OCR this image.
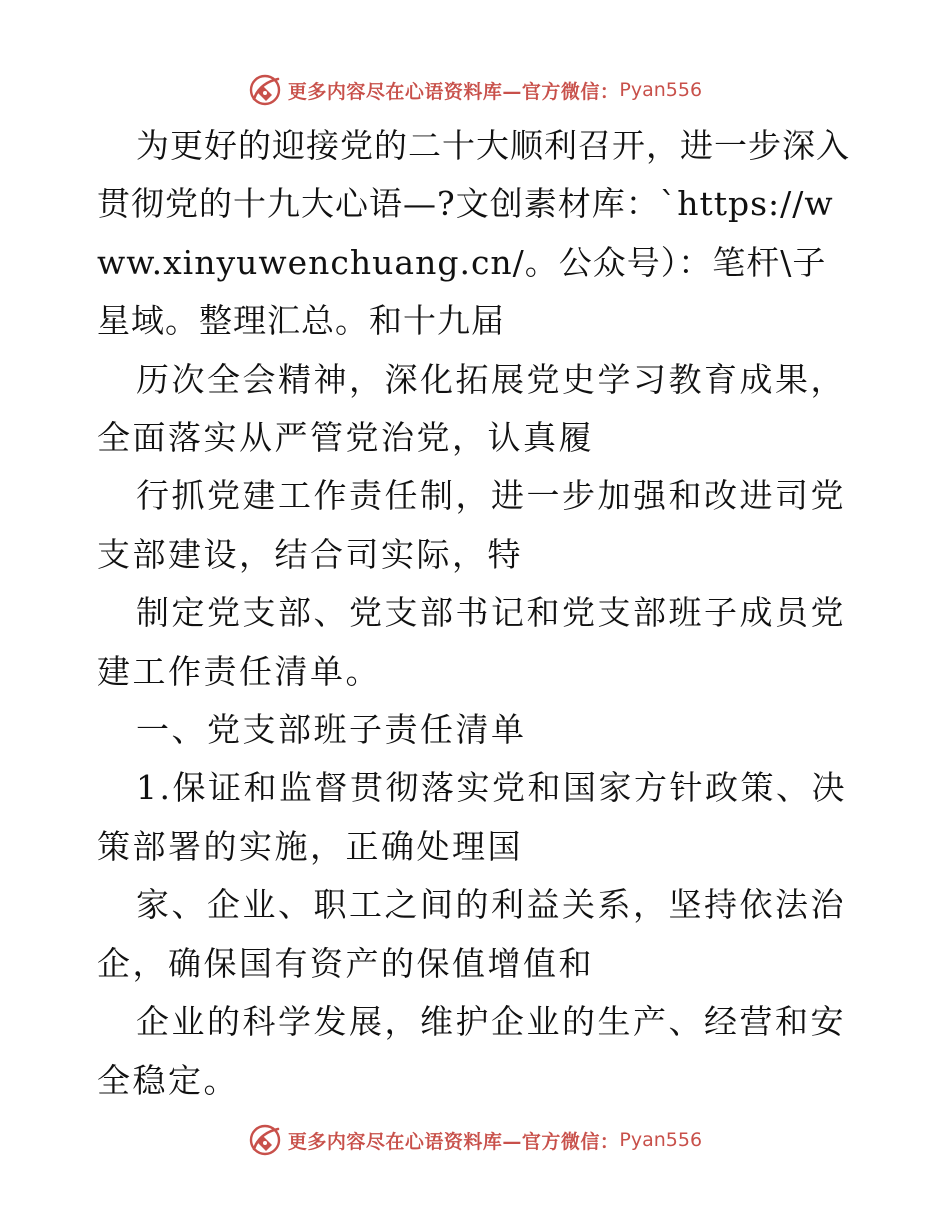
更多内容尽在心语资料库—官方微信： Pyan556

为更好的迎接党的二十大顺利召开，进一步深入贯彻党的十九大心语—?文创素材库：`https://www.xinyuwenchuang.cn/。公众号）：笔杆\子星域。整理汇总。和十九届

历次全会精神，深化拓展党史学习教育成果，全面落实从严管党治党，认真履

行抓党建工作责任制，进一步加强和改进司党支部建设，结合司实际，特

制定党支部、党支部书记和党支部班子成员党建工作责任清单。

一、党支部班子责任清单

1.保证和监督贯彻落实党和国家方针政策、决策部署的实施，正确处理国

家、企业、职工之间的利益关系，坚持依法治企，确保国有资产的保值增值和

企业的科学发展，维护企业的生产、经营和安全稳定。

更多内容尽在心语资料库—官方微信： Pyan556
